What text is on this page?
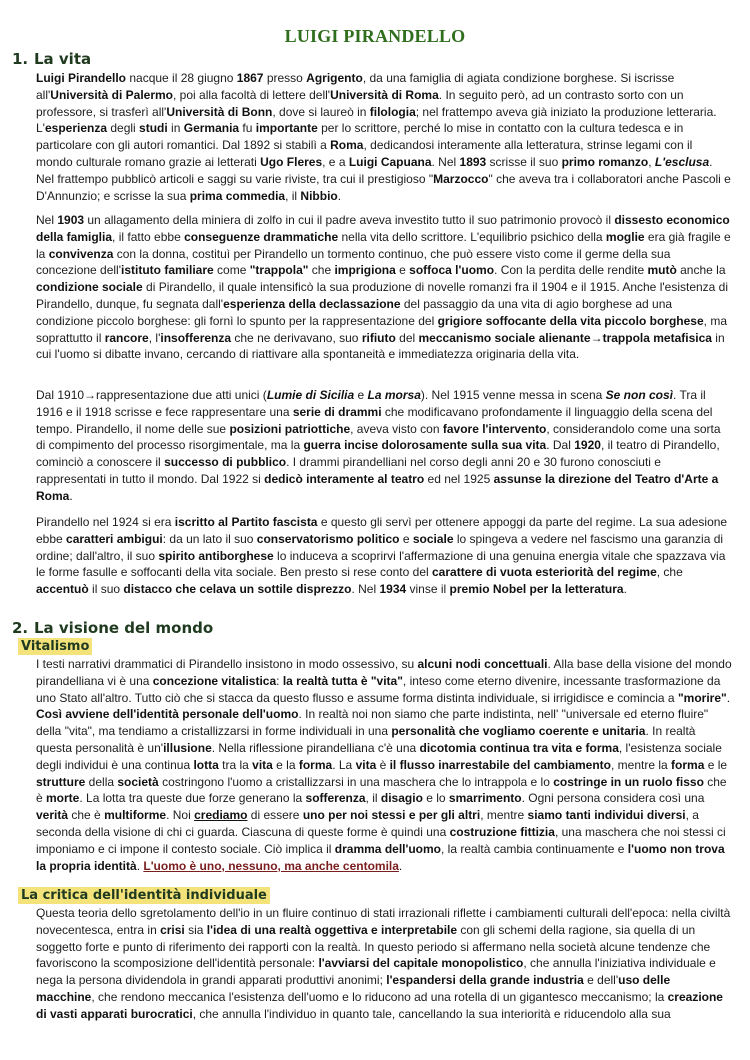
LUIGI PIRANDELLO
1. La vita
Luigi Pirandello nacque il 28 giugno 1867 presso Agrigento, da una famiglia di agiata condizione borghese. Si iscrisse all'Università di Palermo, poi alla facoltà di lettere dell'Università di Roma. In seguito però, ad un contrasto sorto con un professore, si trasferì all'Università di Bonn, dove si laureò in filologia; nel frattempo aveva già iniziato la produzione letteraria. L'esperienza degli studi in Germania fu importante per lo scrittore, perché lo mise in contatto con la cultura tedesca e in particolare con gli autori romantici. Dal 1892 si stabilì a Roma, dedicandosi interamente alla letteratura, strinse legami con il mondo culturale romano grazie ai letterati Ugo Fleres, e a Luigi Capuana. Nel 1893 scrisse il suo primo romanzo, L'esclusa. Nel frattempo pubblicò articoli e saggi su varie riviste, tra cui il prestigioso "Marzocco" che aveva tra i collaboratori anche Pascoli e D'Annunzio; e scrisse la sua prima commedia, il Nibbio.
Nel 1903 un allagamento della miniera di zolfo in cui il padre aveva investito tutto il suo patrimonio provocò il dissesto economico della famiglia, il fatto ebbe conseguenze drammatiche nella vita dello scrittore. L'equilibrio psichico della moglie era già fragile e la convivenza con la donna, costituì per Pirandello un tormento continuo, che può essere visto come il germe della sua concezione dell'istituto familiare come "trappola" che imprigiona e soffoca l'uomo. Con la perdita delle rendite mutò anche la condizione sociale di Pirandello, il quale intensificò la sua produzione di novelle romanzi fra il 1904 e il 1915. Anche l'esistenza di Pirandello, dunque, fu segnata dall'esperienza della declassazione del passaggio da una vita di agio borghese ad una condizione piccolo borghese: gli fornì lo spunto per la rappresentazione del grigiore soffocante della vita piccolo borghese, ma soprattutto il rancore, l'insofferenza che ne derivavano, suo rifiuto del meccanismo sociale alienante→trappola metafisica in cui l'uomo si dibatte invano, cercando di riattivare alla spontaneità e immediatezza originaria della vita.
Dal 1910→rappresentazione due atti unici (Lumie di Sicilia e La morsa). Nel 1915 venne messa in scena Se non così. Tra il 1916 e il 1918 scrisse e fece rappresentare una serie di drammi che modificavano profondamente il linguaggio della scena del tempo. Pirandello, il nome delle sue posizioni patriottiche, aveva visto con favore l'intervento, considerandolo come una sorta di compimento del processo risorgimentale, ma la guerra incise dolorosamente sulla sua vita. Dal 1920, il teatro di Pirandello, cominciò a conoscere il successo di pubblico. I drammi pirandelliani nel corso degli anni 20 e 30 furono conosciuti e rappresentati in tutto il mondo. Dal 1922 si dedicò interamente al teatro ed nel 1925 assunse la direzione del Teatro d'Arte a Roma.
Pirandello nel 1924 si era iscritto al Partito fascista e questo gli servì per ottenere appoggi da parte del regime. La sua adesione ebbe caratteri ambigui: da un lato il suo conservatorismo politico e sociale lo spingeva a vedere nel fascismo una garanzia di ordine; dall'altro, il suo spirito antiborghese lo induceva a scoprirvi l'affermazione di una genuina energia vitale che spazzava via le forme fasulle e soffocanti della vita sociale. Ben presto si rese conto del carattere di vuota esteriorità del regime, che accentuò il suo distacco che celava un sottile disprezzo. Nel 1934 vinse il premio Nobel per la letteratura.
2. La visione del mondo
Vitalismo
I testi narrativi drammatici di Pirandello insistono in modo ossessivo, su alcuni nodi concettuali. Alla base della visione del mondo pirandelliana vi è una concezione vitalistica: la realtà tutta è "vita", inteso come eterno divenire, incessante trasformazione da uno Stato all'altro. Tutto ciò che si stacca da questo flusso e assume forma distinta individuale, si irrigidisce e comincia a "morire". Così avviene dell'identità personale dell'uomo. In realtà noi non siamo che parte indistinta, nell' "universale ed eterno fluire" della "vita", ma tendiamo a cristallizzarsi in forme individuali in una personalità che vogliamo coerente e unitaria. In realtà questa personalità è un'illusione. Nella riflessione pirandelliana c'è una dicotomia continua tra vita e forma, l'esistenza sociale degli individui è una continua lotta tra la vita e la forma. La vita è il flusso inarrestabile del cambiamento, mentre la forma e le strutture della società costringono l'uomo a cristallizzarsi in una maschera che lo intrappola e lo costringe in un ruolo fisso che è morte. La lotta tra queste due forze generano la sofferenza, il disagio e lo smarrimento. Ogni persona considera così una verità che è multiforme. Noi crediamo di essere uno per noi stessi e per gli altri, mentre siamo tanti individui diversi, a seconda della visione di chi ci guarda. Ciascuna di queste forme è quindi una costruzione fittizia, una maschera che noi stessi ci imponiamo e ci impone il contesto sociale. Ciò implica il dramma dell'uomo, la realtà cambia continuamente e l'uomo non trova la propria identità. L'uomo è uno, nessuno, ma anche centomila.
La critica dell'identità individuale
Questa teoria dello sgretolamento dell'io in un fluire continuo di stati irrazionali riflette i cambiamenti culturali dell'epoca: nella civiltà novecentesca, entra in crisi sia l'idea di una realtà oggettiva e interpretabile con gli schemi della ragione, sia quella di un soggetto forte e punto di riferimento dei rapporti con la realtà. In questo periodo si affermano nella società alcune tendenze che favoriscono la scomposizione dell'identità personale: l'avviarsi del capitale monopolistico, che annulla l'iniziativa individuale e nega la persona dividendola in grandi apparati produttivi anonimi; l'espandersi della grande industria e dell'uso delle macchine, che rendono meccanica l'esistenza dell'uomo e lo riducono ad una rotella di un gigantesco meccanismo; la creazione di vasti apparati burocratici, che annulla l'individuo in quanto tale, cancellando la sua interiorità e riducendolo alla sua
